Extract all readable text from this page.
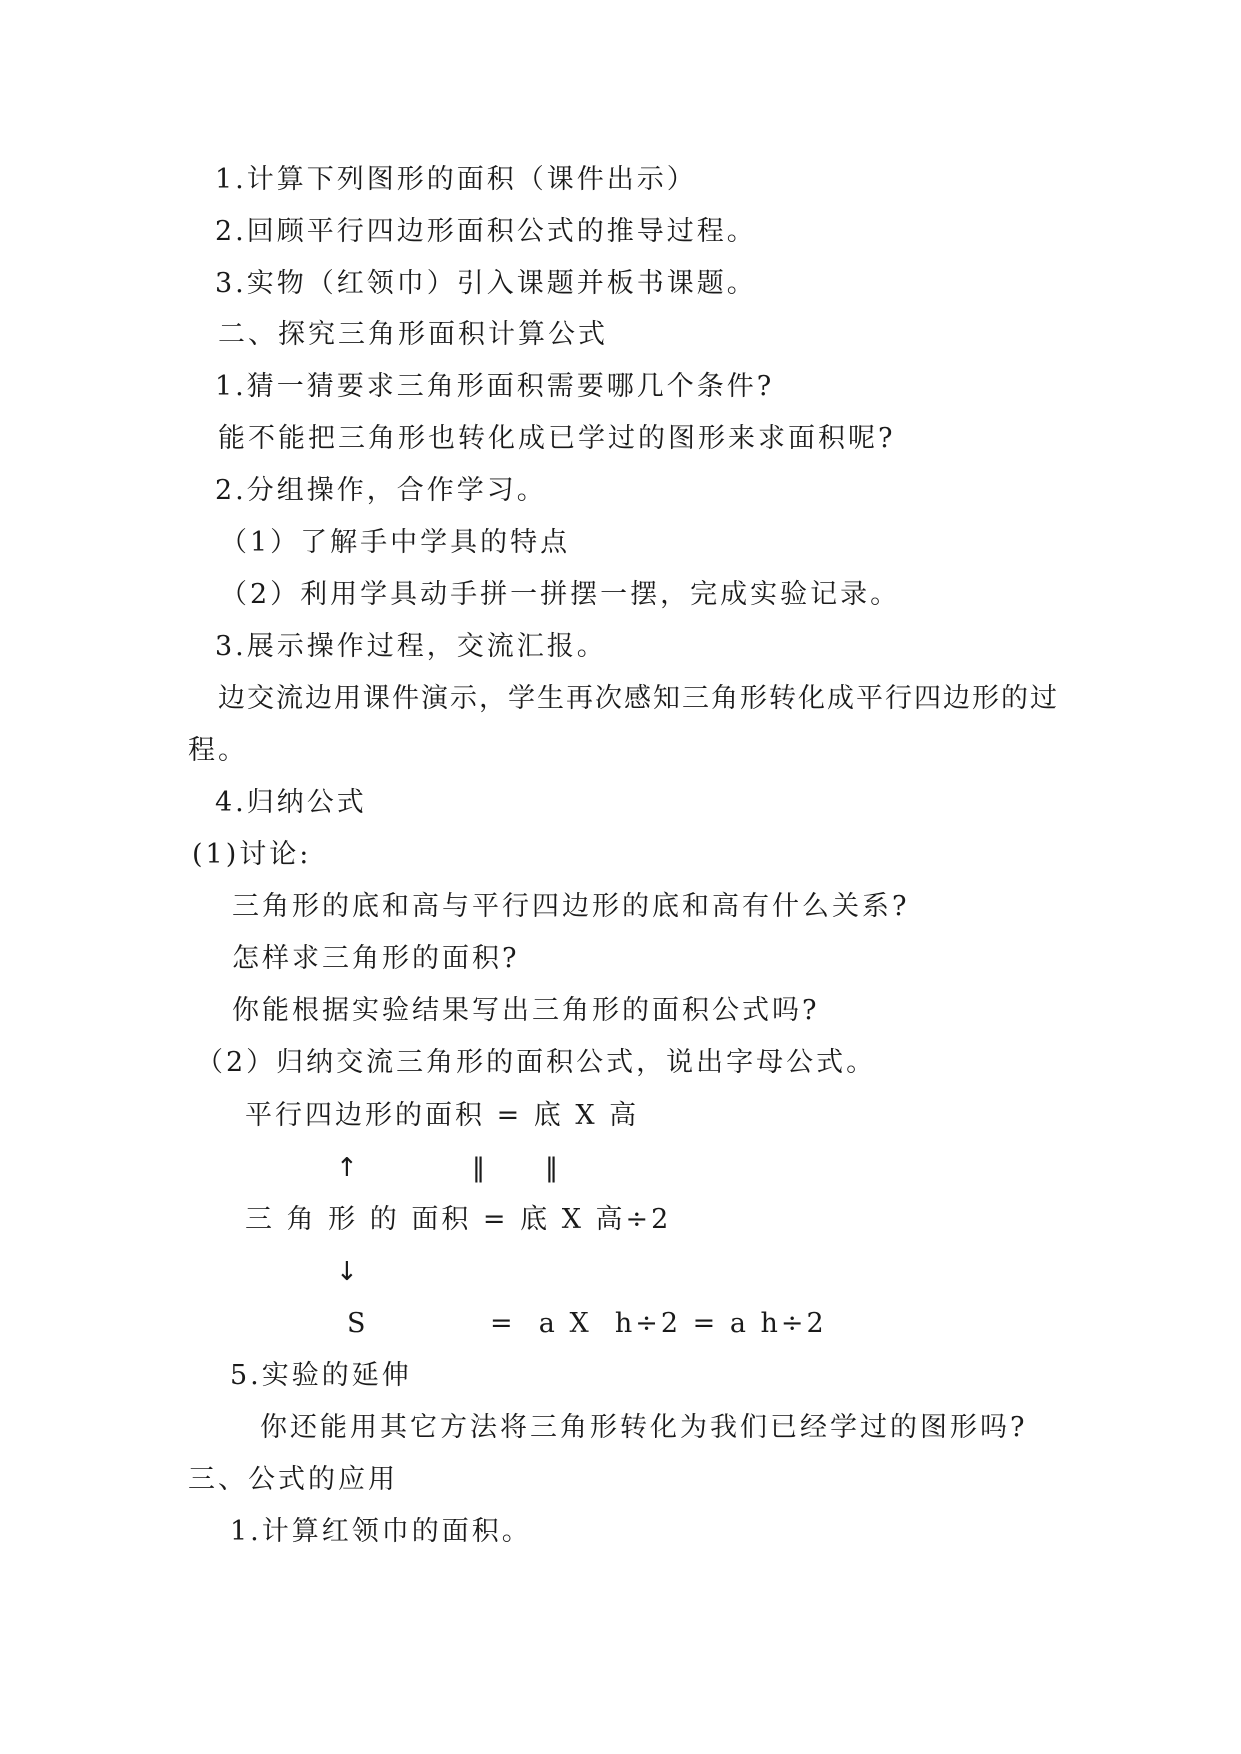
1.计算下列图形的面积（课件出示）
2.回顾平行四边形面积公式的推导过程。
3.实物（红领巾）引入课题并板书课题。
二、探究三角形面积计算公式
1.猜一猜要求三角形面积需要哪几个条件?
能不能把三角形也转化成已学过的图形来求面积呢?
2.分组操作，合作学习。
（1）了解手中学具的特点
（2）利用学具动手拼一拼摆一摆，完成实验记录。
3.展示操作过程，交流汇报。
边交流边用课件演示，学生再次感知三角形转化成平行四边形的过
程。
4.归纳公式
(1)讨论:
三角形的底和高与平行四边形的底和高有什么关系?
怎样求三角形的面积?
你能根据实验结果写出三角形的面积公式吗?
（2）归纳交流三角形的面积公式，说出字母公式。
平行四边形的面积 = 底 X 高
↑	‖ ‖
三 角 形 的 面积 = 底 X 高÷2
↓
S	=  a X  h÷2 = a h÷2
5.实验的延伸
你还能用其它方法将三角形转化为我们已经学过的图形吗?
三、公式的应用
1.计算红领巾的面积。
